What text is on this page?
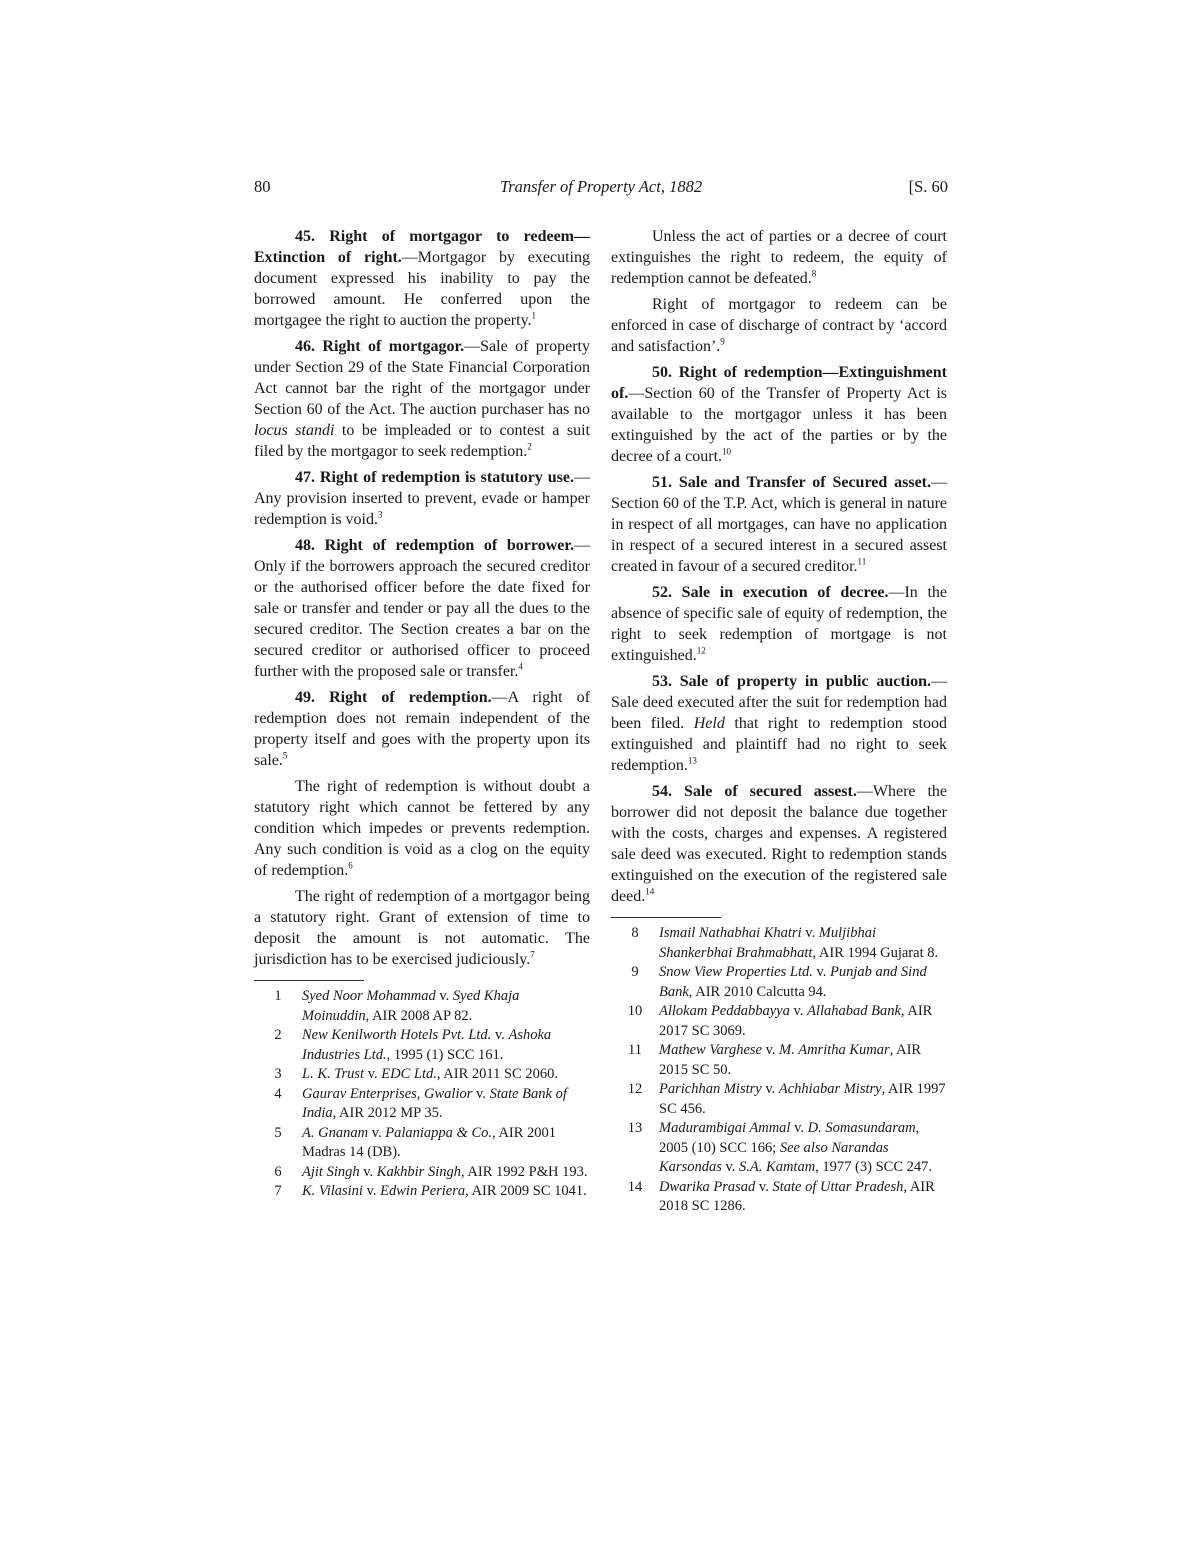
80	Transfer of Property Act, 1882	[S. 60

45. Right of mortgagor to redeem—Extinction of right.—Mortgagor by executing document expressed his inability to pay the borrowed amount. He conferred upon the mortgagee the right to auction the property.$^1$

46. Right of mortgagor.—Sale of property under Section 29 of the State Financial Corporation Act cannot bar the right of the mortgagor under Section 60 of the Act. The auction purchaser has no locus standi to be impleaded or to contest a suit filed by the mortgagor to seek redemption.$^2$

47. Right of redemption is statutory use.—Any provision inserted to prevent, evade or hamper redemption is void.$^3$

48. Right of redemption of borrower.—Only if the borrowers approach the secured creditor or the authorised officer before the date fixed for sale or transfer and tender or pay all the dues to the secured creditor. The Section creates a bar on the secured creditor or authorised officer to proceed further with the proposed sale or transfer.$^4$

49. Right of redemption.—A right of redemption does not remain independent of the property itself and goes with the property upon its sale.$^5$

The right of redemption is without doubt a statutory right which cannot be fettered by any condition which impedes or prevents redemption. Any such condition is void as a clog on the equity of redemption.$^6$

The right of redemption of a mortgagor being a statutory right. Grant of extension of time to deposit the amount is not automatic. The jurisdiction has to be exercised judiciously.$^7$

1	Syed Noor Mohammad v. Syed Khaja Moinuddin, AIR 2008 AP 82.
2	New Kenilworth Hotels Pvt. Ltd. v. Ashoka Industries Ltd., 1995 (1) SCC 161.
3	L. K. Trust v. EDC Ltd., AIR 2011 SC 2060.
4	Gaurav Enterprises, Gwalior v. State Bank of India, AIR 2012 MP 35.
5	A. Gnanam v. Palaniappa & Co., AIR 2001 Madras 14 (DB).
6	Ajit Singh v. Kakhbir Singh, AIR 1992 P&H 193.
7	K. Vilasini v. Edwin Periera, AIR 2009 SC 1041.

Unless the act of parties or a decree of court extinguishes the right to redeem, the equity of redemption cannot be defeated.$^8$

Right of mortgagor to redeem can be enforced in case of discharge of contract by ‘accord and satisfaction’.$^9$

50. Right of redemption—Extinguishment of.—Section 60 of the Transfer of Property Act is available to the mortgagor unless it has been extinguished by the act of the parties or by the decree of a court.$^{10}$

51. Sale and Transfer of Secured asset.—Section 60 of the T.P. Act, which is general in nature in respect of all mortgages, can have no application in respect of a secured interest in a secured assest created in favour of a secured creditor.$^{11}$

52. Sale in execution of decree.—In the absence of specific sale of equity of redemption, the right to seek redemption of mortgage is not extinguished.$^{12}$

53. Sale of property in public auction.—Sale deed executed after the suit for redemption had been filed. Held that right to redemption stood extinguished and plaintiff had no right to seek redemption.$^{13}$

54. Sale of secured assest.—Where the borrower did not deposit the balance due together with the costs, charges and expenses. A registered sale deed was executed. Right to redemption stands extinguished on the execution of the registered sale deed.$^{14}$

8	Ismail Nathabhai Khatri v. Muljibhai Shankerbhai Brahmabhatt, AIR 1994 Gujarat 8.
9	Snow View Properties Ltd. v. Punjab and Sind Bank, AIR 2010 Calcutta 94.
10	Allokam Peddabbayya v. Allahabad Bank, AIR 2017 SC 3069.
11	Mathew Varghese v. M. Amritha Kumar, AIR 2015 SC 50.
12	Parichhan Mistry v. Achhiabar Mistry, AIR 1997 SC 456.
13	Madurambigai Ammal v. D. Somasundaram, 2005 (10) SCC 166; See also Narandas Karsondas v. S.A. Kamtam, 1977 (3) SCC 247.
14	Dwarika Prasad v. State of Uttar Pradesh, AIR 2018 SC 1286.
